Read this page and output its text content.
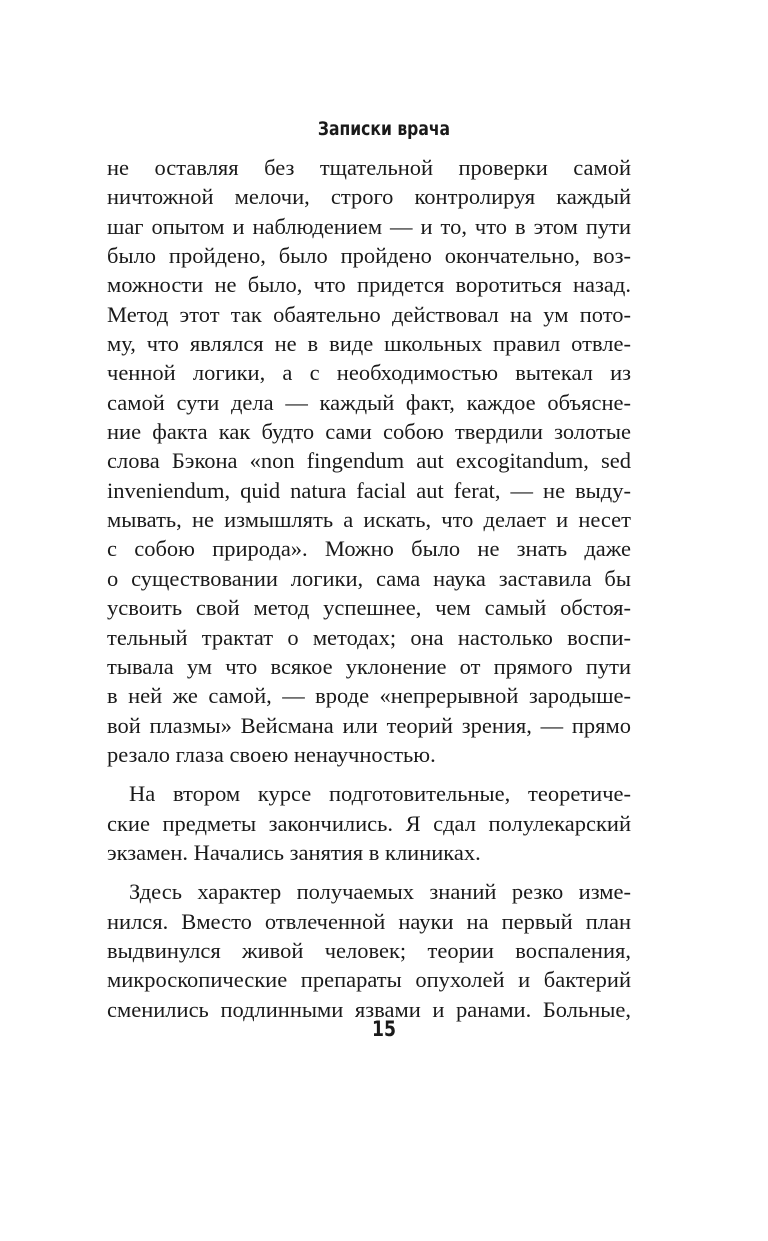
Записки врача
не оставляя без тщательной проверки самой
ничтожной мелочи, строго контролируя каждый
шаг опытом и наблюдением — и то, что в этом пути
было пройдено, было пройдено окончательно, воз-
можности не было, что придется воротиться назад.
Метод этот так обаятельно действовал на ум пото-
му, что являлся не в виде школьных правил отвле-
ченной логики, а с необходимостью вытекал из
самой сути дела — каждый факт, каждое объясне-
ние факта как будто сами собою твердили золотые
слова Бэкона «non fingendum aut excogitandum, sed
inveniendum, quid natura facial aut ferat, — не выду-
мывать, не измышлять а искать, что делает и несет
с собою природа». Можно было не знать даже
о существовании логики, сама наука заставила бы
усвоить свой метод успешнее, чем самый обстоя-
тельный трактат о методах; она настолько воспи-
тывала ум что всякое уклонение от прямого пути
в ней же самой, — вроде «непрерывной зародыше-
вой плазмы» Вейсмана или теорий зрения, — прямо
резало глаза своею ненаучностью.
На втором курсе подготовительные, теоретиче-
ские предметы закончились. Я сдал полулекарский
экзамен. Начались занятия в клиниках.
Здесь характер получаемых знаний резко изме-
нился. Вместо отвлеченной науки на первый план
выдвинулся живой человек; теории воспаления,
микроскопические препараты опухолей и бактерий
сменились подлинными язвами и ранами. Больные,
15
